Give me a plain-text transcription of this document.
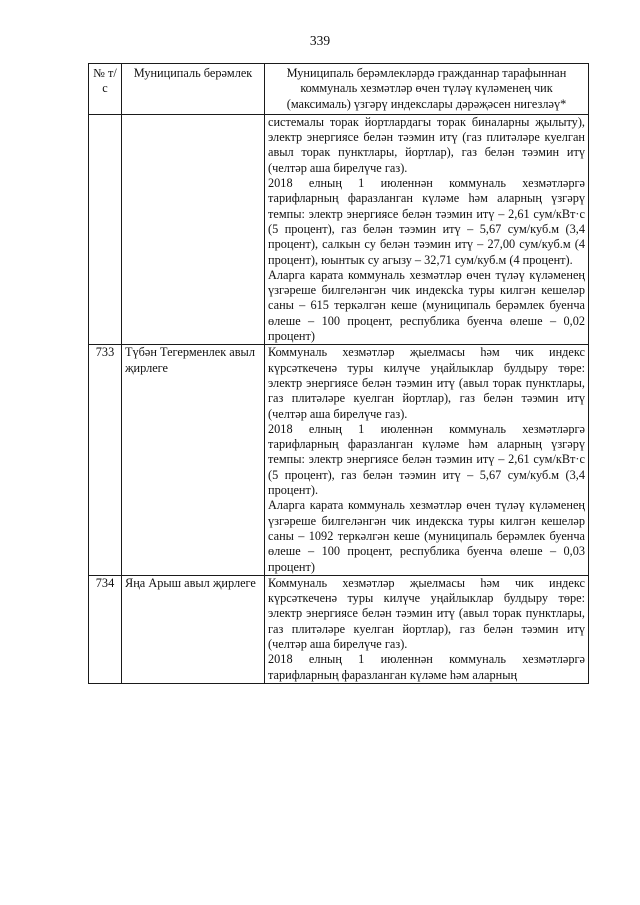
339
№ т/с	Муниципаль берәмлек	Муниципаль берәмлекләрдә гражданнар тарафыннан коммуналь хезмәтләр өчен түләү күләменең чик (максималь) үзгәрү индекслары дәрәҗәсен нигезләү*

		системалы торак йортлардагы торак биналарны җылыту), электр энергиясе белән тәэмин итү (газ плитәләре куелган авыл торак пунктлары, йортлар), газ белән тәэмин итү (челтәр аша бирелүче газ).

2018 елның 1 июленнән коммуналь хезмәтләргә тарифларның фаразланган күләме һәм аларның үзгәрү темпы: электр энергиясе белән тәэмин итү – 2,61 сум/кВт·с (5 процент), газ белән тәэмин итү – 5,67 сум/куб.м (3,4 процент), салкын су белән тәэмин итү – 27,00 сум/куб.м (4 процент), юынтык су агызу – 32,71 сум/куб.м (4 процент).

Аларга карата коммуналь хезмәтләр өчен түләү күләменең үзгәреше билгеләнгән чик индексka туры килгән кешеләр саны – 615 теркәлгән кеше (муниципаль берәмлек буенча өлеше – 100 процент, республика буенча өлеше – 0,02 процент)

733	Түбән Тегерменлек авыл җирлеге	Коммуналь хезмәтләр җыелмасы һәм чик индекс күрсәткеченә туры килүче уңайлыклар булдыру төре: электр энергиясе белән тәэмин итү (авыл торак пунктлары, газ плитәләре куелган йортлар), газ белән тәэмин итү (челтәр аша бирелүче газ).

2018 елның 1 июленнән коммуналь хезмәтләргә тарифларның фаразланган күләме һәм аларның үзгәрү темпы: электр энергиясе белән тәэмин итү – 2,61 сум/кВт·с (5 процент), газ белән тәэмин итү – 5,67 сум/куб.м (3,4 процент).

Аларга карата коммуналь хезмәтләр өчен түләү күләменең үзгәреше билгеләнгән чик индекска туры килгән кешеләр саны – 1092 теркәлгән кеше (муниципаль берәмлек буенча өлеше – 100 процент, республика буенча өлеше – 0,03 процент)

734	Яңа Арыш авыл җирлеге	Коммуналь хезмәтләр җыелмасы һәм чик индекс күрсәткеченә туры килүче уңайлыклар булдыру төре: электр энергиясе белән тәэмин итү (авыл торак пунктлары, газ плитәләре куелган йортлар), газ белән тәэмин итү (челтәр аша бирелүче газ).

2018 елның 1 июленнән коммуналь хезмәтләргә тарифларның фаразланган күләме һәм аларның
